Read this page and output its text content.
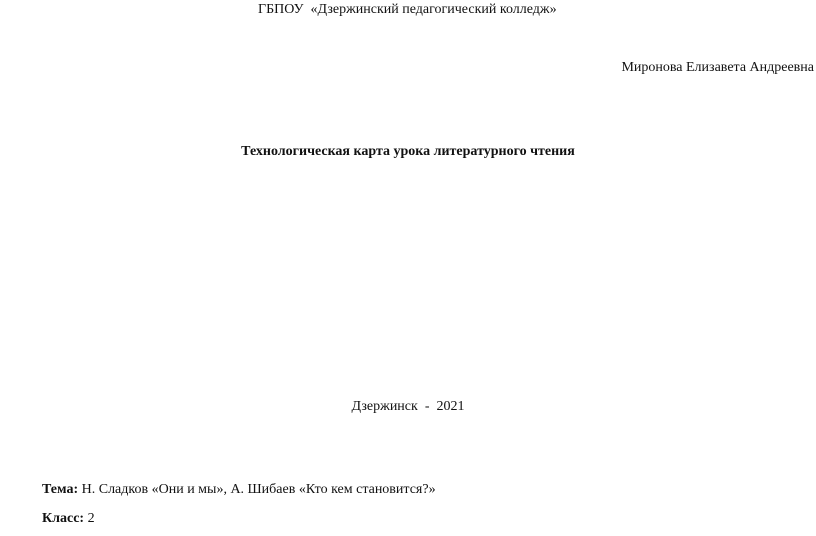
ГБПОУ  «Дзержинский педагогический колледж»
Миронова Елизавета Андреевна
Технологическая карта урока литературного чтения
Дзержинск  -  2021
Тема: Н. Сладков «Они и мы», А. Шибаев «Кто кем становится?»
Класс: 2
